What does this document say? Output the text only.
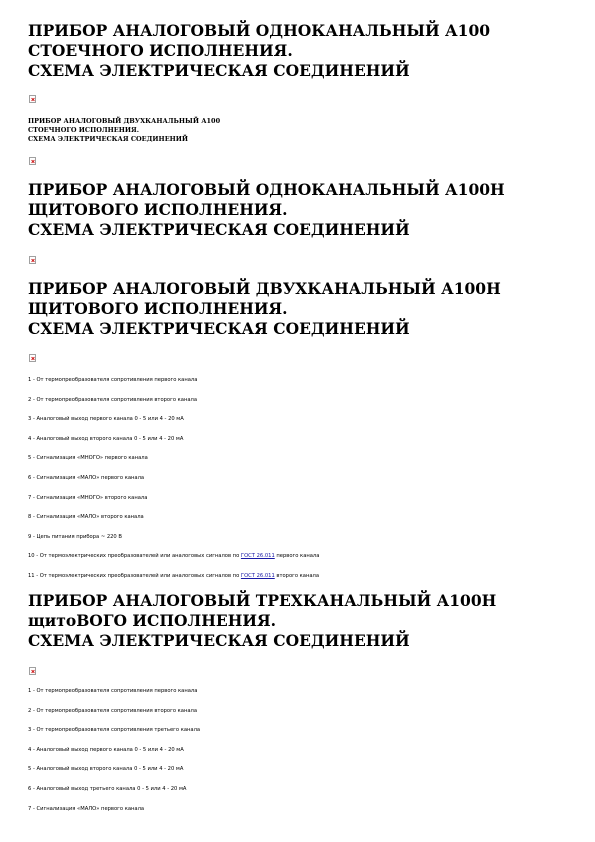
ПРИБОР АНАЛОГОВЫЙ ОДНОКАНАЛЬНЫЙ А100
СТОЕЧНОГО ИСПОЛНЕНИЯ.
СХЕМА ЭЛЕКТРИЧЕСКАЯ СОЕДИНЕНИЙ
ПРИБОР АНАЛОГОВЫЙ ДВУХКАНАЛЬНЫЙ А100
СТОЕЧНОГО ИСПОЛНЕНИЯ.
СХЕМА ЭЛЕКТРИЧЕСКАЯ СОЕДИНЕНИЙ
ПРИБОР АНАЛОГОВЫЙ ОДНОКАНАЛЬНЫЙ А100Н
ЩИТОВОГО ИСПОЛНЕНИЯ.
СХЕМА ЭЛЕКТРИЧЕСКАЯ СОЕДИНЕНИЙ
ПРИБОР АНАЛОГОВЫЙ ДВУХКАНАЛЬНЫЙ А100Н
ЩИТОВОГО ИСПОЛНЕНИЯ.
СХЕМА ЭЛЕКТРИЧЕСКАЯ СОЕДИНЕНИЙ
1 - От термопреобразователя сопротивления первого канала
2 - От термопреобразователя сопротивления второго канала
3 - Аналоговый выход первого канала 0 - 5 или 4 - 20 мА
4 - Аналоговый выход второго канала 0 - 5 или 4 - 20 мА
5 - Сигнализация «МНОГО» первого канала
6 - Сигнализация «МАЛО» первого канала
7 - Сигнализация «МНОГО» второго канала
8 - Сигнализация «МАЛО» второго канала
9 - Цепь питания прибора ~ 220 В
10 - От термоэлектрических преобразователей или аналоговых сигналов по ГОСТ 26.011 первого канала
11 - От термоэлектрических преобразователей или аналоговых сигналов по ГОСТ 26.011 второго канала
ПРИБОР АНАЛОГОВЫЙ ТРЕХКАНАЛЬНЫЙ А100Н
щитоВОГО ИСПОЛНЕНИЯ.
СХЕМА ЭЛЕКТРИЧЕСКАЯ СОЕДИНЕНИЙ
1 - От термопреобразователя сопротивления первого канала
2 - От термопреобразователя сопротивления второго канала
3 - От термопреобразователя сопротивления третьего канала
4 - Аналоговый выход первого канала 0 - 5 или 4 - 20 мА
5 - Аналоговый выход второго канала 0 - 5 или 4 - 20 мА
6 - Аналоговый выход третьего канала 0 - 5 или 4 - 20 мА
7 - Сигнализация «МАЛО» первого канала
